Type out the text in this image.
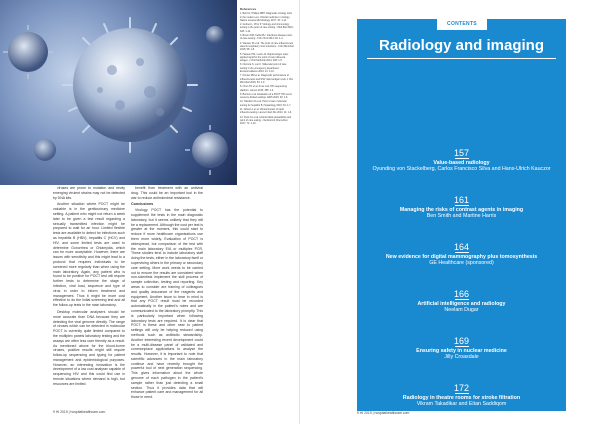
viruses are prone to mutation and newly emerging virulent strains may not be detected by DNA kits.

Another situation where POCT might be valuable is in the genitourinary medicine setting. A patient who might not return a week later to be given a test result regarding a sexually transmitted infection might be prepared to wait for an hour. Limited flexible tests are available to detect for infections such as hepatitis B (HBV), hepatitis C (HCV) and HIV, and some limited tests are used to determine Gonorrhea or Chlamydia, which can be more acceptable. However, there are issues with sensitivity and this might lead to a protocol that requires individuals to be screened more regularly than when using the main laboratory. Again, any patient who is found to be positive for POCT test will require further tests to determine the stage of infection, viral load, sequence and type of virus in order to inform treatment and management. Thus it might be more cost effective to do the initial screening test and all the follow-up tests in the main laboratory.

Desktop molecular analysers should be more accurate than DNA because they are detecting the viral genome directly. The range of viruses which can be detected in molecular POCT is currently quite limited compared to the multiplex panels laboratory testing and the assays are often less user friendly as a result. As mentioned above for the blood-borne viruses, positive results might still require follow-up sequencing and typing for patient management and epidemiological purposes. However, an interesting innovation is the development of a low cost analyser capable of sequencing HIV and this could find use in remote situations where demand is high, but resources are limited.

benefit from treatment with an antiviral drug. This could be an important tool in the war to reduce antimicrobial resistance.

Conclusions

Virology POCT has the potential to supplement the tests in the main diagnostic laboratory, but it seems unlikely that they will be a replacement. Although the cost per test is greater at the moment, this could start to reduce if more healthcare organisations use them more widely. Evaluation of POCT is widespread, but comparison of the test with the main laboratory EIA or multiplex PCR. These studies tend to include laboratory staff doing the tests, either in the laboratory itself or supervising others in the primary or secondary care setting. More work needs to be carried out to ensure the results are consistent when non-scientists implement the skill process of sample collection, testing and reporting. Key areas to consider are training of colleagues and quality assurance of the reagents and equipment. Another issue to bear in mind is that any POCT result must be recorded automatically in the patient's notes and are communicated to the laboratory promptly. This is particularly important when following laboratory tests are required. It is clear that POCT in these and other near to patient settings will only be helping reduced using methods such as antibiotic stewardship. Another interesting recent development could be a multi-disease panel of validated and commonplace applications to analyse the results. However, it is important to note that scientific advances in the main laboratory continue and have recently brought the powerful tool of next generation sequencing. This gives information about the whole genome of each pathogen in the patient's sample rather than just detecting a small section. Thus it provides data that will enhance patient care and management for all those in need.

References
1. Bell CJ, Phillips DBH. Diagnostic virology tools in the modern era. Clinical medicine in virology. Nature reviews Microbiology 2017; 15: 1-14.
2. Gurbert L, Prior P. Virology and immunology testing in the point of care setting. J Mol Biol 2016; 428: 1-12.
3. Brown DW, Kellis MU. Infectious disease point-of-care testing. J Clin Virol 2014; 60: 1-4.
4. Weisser M et al. The point of care influenza test detects respiratory virus infections. J Clin Microbiol 2015; 58: 1-8.
5. Hansen HM, Lewis JA. Rapid antigen tests: applied rapid for the point of care influenza antigen. J Virol Methods 2014; 208: 1-5.
6. Nomura S, Luo K. Molecular point of care testing in the emergency department. Eurosurveillance 2016; 21: 1-10.
7. Kinnier RM et al. Diagnostic performance of influenza tests and RSV rapid antigen tests. J Clin Microbiol 2016; 54: 1-9.
8. Chen TN et al. A low cost HIV sequencing platform. Lancet 2015; 385: 1-3.
9. Bonson et al. Evaluation of a POCT HIV test in resource limited settings. AIDS 2016; 30: 1-6.
10. Hamilton R et al. Point of care molecular testing for hepatitis B. Hepatology 2016; 64: 1-7.
11. Gibson J et al. Clinical impact of rapid influenza testing. Lancet Infect Dis 2014; 14: 1-9.
12. Peck CL et al. Antimicrobial stewardship and point of care testing. J Antimicrob Chemother 2017; 72: 1-10.
9 HI 2019 | hospitalhealthcare.com
CONTENTS
Radiology and imaging
157
Value-based radiology
Oyunding von Stackelberg, Carlos Francisco Silva and Hans-Ulrich Kauczor
161
Managing the risks of contrast agents in imaging
Ben Smith and Martine Harris
164
New evidence for digital mammography plus tomosynthesis
GE Healthcare (sponsored)
166
Artificial intelligence and radiology
Neelam Dugar
169
Ensuring safety in nuclear medicine
Jilly Croasdale
172
Radiology in theatre rooms for stroke filtration
Vikram Takadikar and Eitan Saddiqom
9 HI 2019 | hospitalhealthcare.com
